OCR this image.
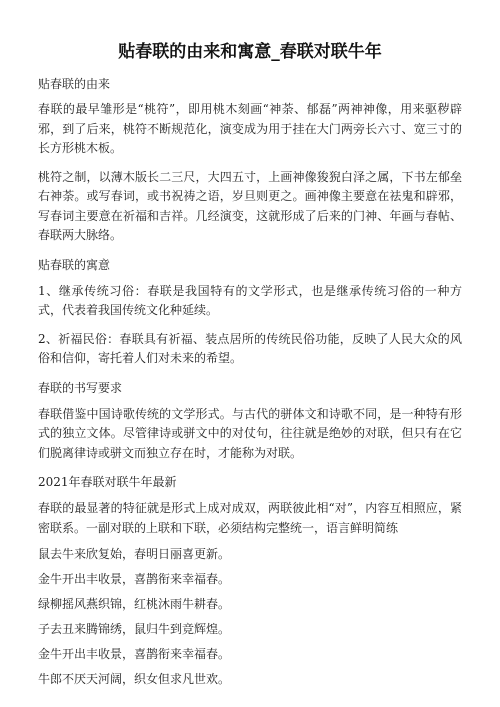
贴春联的由来和寓意_春联对联牛年

贴春联的由来

春联的最早雏形是“桃符”，即用桃木刻画“神荼、郁磊”两神神像，用来驱秽辟邪，到了后来，桃符不断规范化，演变成为用于挂在大门两旁长六寸、宽三寸的长方形桃木板。

桃符之制，以薄木版长二三尺，大四五寸，上画神像狻猊白泽之属，下书左郁垒右神荼。或写春词，或书祝祷之语，岁旦则更之。画神像主要意在祛鬼和辟邪，写春词主要意在祈福和吉祥。几经演变，这就形成了后来的门神、年画与春帖、春联两大脉络。

贴春联的寓意

1、继承传统习俗：春联是我国特有的文学形式，也是继承传统习俗的一种方式，代表着我国传统文化种延续。

2、祈福民俗：春联具有祈福、装点居所的传统民俗功能，反映了人民大众的风俗和信仰，寄托着人们对未来的希望。

春联的书写要求

春联借鉴中国诗歌传统的文学形式。与古代的骈体文和诗歌不同，是一种特有形式的独立文体。尽管律诗或骈文中的对仗句，往往就是绝妙的对联，但只有在它们脱离律诗或骈文而独立存在时，才能称为对联。

2021年春联对联牛年最新

春联的最显著的特征就是形式上成对成双，两联彼此相“对”，内容互相照应，紧密联系。一副对联的上联和下联，必须结构完整统一，语言鲜明简练

鼠去牛来欣复始，春明日丽喜更新。

金牛开出丰收景，喜鹊衔来幸福春。

绿柳摇风燕织锦，红桃沐雨牛耕春。

子去丑来腾锦绣，鼠归牛到竞辉煌。

金牛开出丰收景，喜鹊衔来幸福春。

牛郎不厌天河阔，织女但求凡世欢。
